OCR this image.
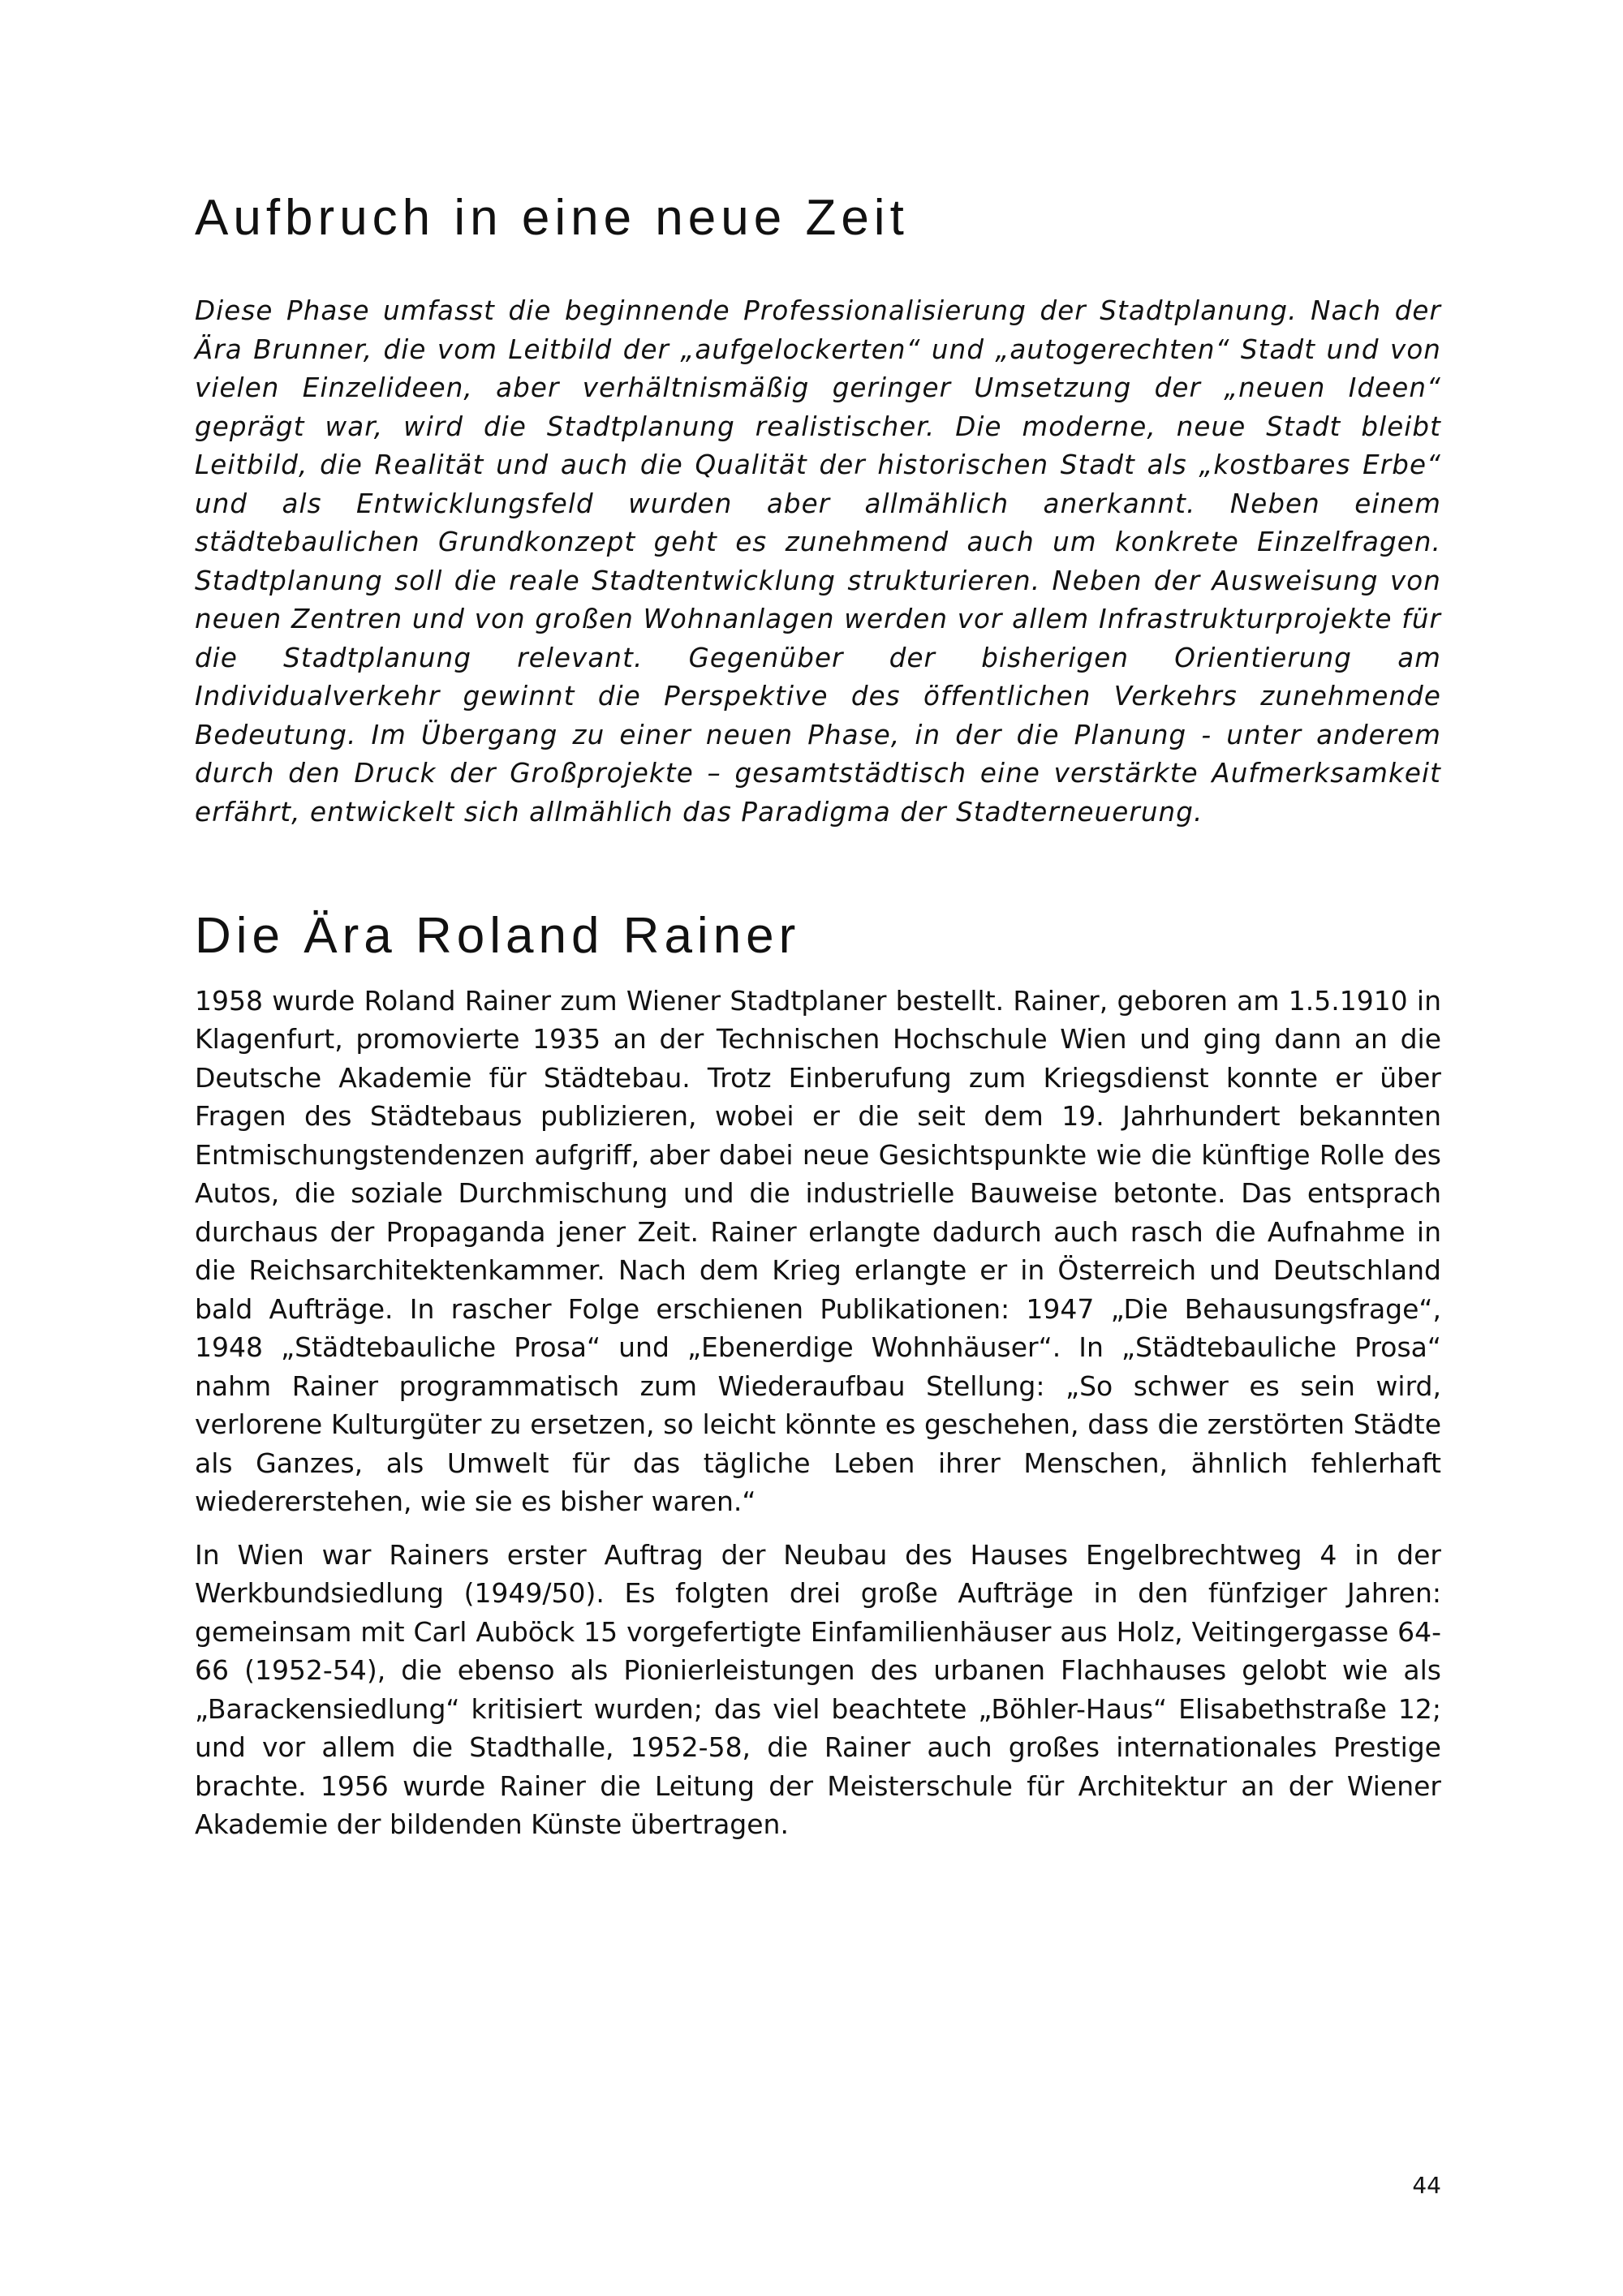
Aufbruch in eine neue Zeit

Diese Phase umfasst die beginnende Professionalisierung der Stadtplanung. Nach der Ära Brunner, die vom Leitbild der „aufgelockerten“ und „autogerechten“ Stadt und von vielen Einzelideen, aber verhältnismäßig geringer Umsetzung der „neuen Ideen“ geprägt war, wird die Stadtplanung realistischer. Die moderne, neue Stadt bleibt Leitbild, die Realität und auch die Qualität der historischen Stadt als „kostbares Erbe“ und als Entwicklungsfeld wurden aber allmählich anerkannt. Neben einem städtebaulichen Grundkonzept geht es zunehmend auch um konkrete Einzelfragen. Stadtplanung soll die reale Stadtentwicklung strukturieren. Neben der Ausweisung von neuen Zentren und von großen Wohnanlagen werden vor allem Infrastrukturprojekte für die Stadtplanung relevant. Gegenüber der bisherigen Orientierung am Individualverkehr gewinnt die Perspektive des öffentlichen Verkehrs zunehmende Bedeutung. Im Übergang zu einer neuen Phase, in der die Planung - unter anderem durch den Druck der Großprojekte – gesamtstädtisch eine verstärkte Aufmerksamkeit erfährt, entwickelt sich allmählich das Paradigma der Stadterneuerung.

Die Ära Roland Rainer

1958 wurde Roland Rainer zum Wiener Stadtplaner bestellt. Rainer, geboren am 1.5.1910 in Klagenfurt, promovierte 1935 an der Technischen Hochschule Wien und ging dann an die Deutsche Akademie für Städtebau. Trotz Einberufung zum Kriegsdienst konnte er über Fragen des Städtebaus publizieren, wobei er die seit dem 19. Jahrhundert bekannten Entmischungstendenzen aufgriff, aber dabei neue Gesichtspunkte wie die künftige Rolle des Autos, die soziale Durchmischung und die industrielle Bauweise betonte. Das entsprach durchaus der Propaganda jener Zeit. Rainer erlangte dadurch auch rasch die Aufnahme in die Reichsarchitektenkammer. Nach dem Krieg erlangte er in Österreich und Deutschland bald Aufträge. In rascher Folge erschienen Publikationen: 1947 „Die Behausungsfrage“, 1948 „Städtebauliche Prosa“ und „Ebenerdige Wohnhäuser“. In „Städtebauliche Prosa“ nahm Rainer programmatisch zum Wiederaufbau Stellung: „So schwer es sein wird, verlorene Kulturgüter zu ersetzen, so leicht könnte es geschehen, dass die zerstörten Städte als Ganzes, als Umwelt für das tägliche Leben ihrer Menschen, ähnlich fehlerhaft wiedererstehen, wie sie es bisher waren.“

In Wien war Rainers erster Auftrag der Neubau des Hauses Engelbrechtweg 4 in der Werkbundsiedlung (1949/50). Es folgten drei große Aufträge in den fünfziger Jahren: gemeinsam mit Carl Auböck 15 vorgefertigte Einfamilienhäuser aus Holz, Veitingergasse 64-66 (1952-54), die ebenso als Pionierleistungen des urbanen Flachhauses gelobt wie als „Barackensiedlung“ kritisiert wurden; das viel beachtete „Böhler-Haus“ Elisabethstraße 12; und vor allem die Stadthalle, 1952-58, die Rainer auch großes internationales Prestige brachte. 1956 wurde Rainer die Leitung der Meisterschule für Architektur an der Wiener Akademie der bildenden Künste übertragen.

44
